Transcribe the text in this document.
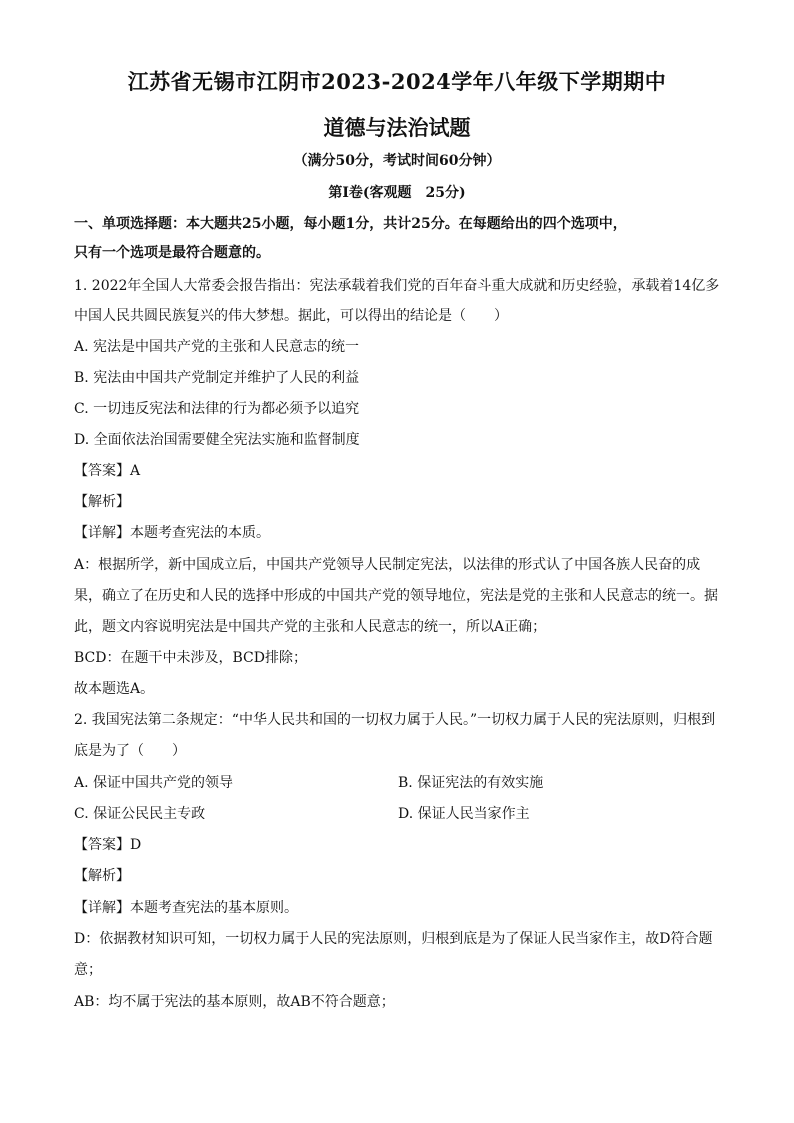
江苏省无锡市江阴市2023-2024学年八年级下学期期中
道德与法治试题
（满分50分，考试时间60分钟）
第Ⅰ卷(客观题　25分)
一、单项选择题：本大题共25小题，每小题1分，共计25分。在每题给出的四个选项中，
只有一个选项是最符合题意的。
1. 2022年全国人大常委会报告指出：宪法承载着我们党的百年奋斗重大成就和历史经验，承载着14亿多
中国人民共圆民族复兴的伟大梦想。据此，可以得出的结论是（　　）
A. 宪法是中国共产党的主张和人民意志的统一
B. 宪法由中国共产党制定并维护了人民的利益
C. 一切违反宪法和法律的行为都必须予以追究
D. 全面依法治国需要健全宪法实施和监督制度
【答案】A
【解析】
【详解】本题考查宪法的本质。
A：根据所学，新中国成立后，中国共产党领导人民制定宪法，以法律的形式认了中国各族人民奋的成
果，确立了在历史和人民的选择中形成的中国共产党的领导地位，宪法是党的主张和人民意志的统一。据
此，题文内容说明宪法是中国共产党的主张和人民意志的统一，所以A正确；
BCD：在题干中未涉及，BCD排除；
故本题选A。
2. 我国宪法第二条规定：“中华人民共和国的一切权力属于人民。”一切权力属于人民的宪法原则，归根到
底是为了（　　）
A. 保证中国共产党的领导	B. 保证宪法的有效实施
C. 保证公民民主专政	D. 保证人民当家作主
【答案】D
【解析】
【详解】本题考查宪法的基本原则。
D：依据教材知识可知，一切权力属于人民的宪法原则，归根到底是为了保证人民当家作主，故D符合题
意；
AB：均不属于宪法的基本原则，故AB不符合题意；
